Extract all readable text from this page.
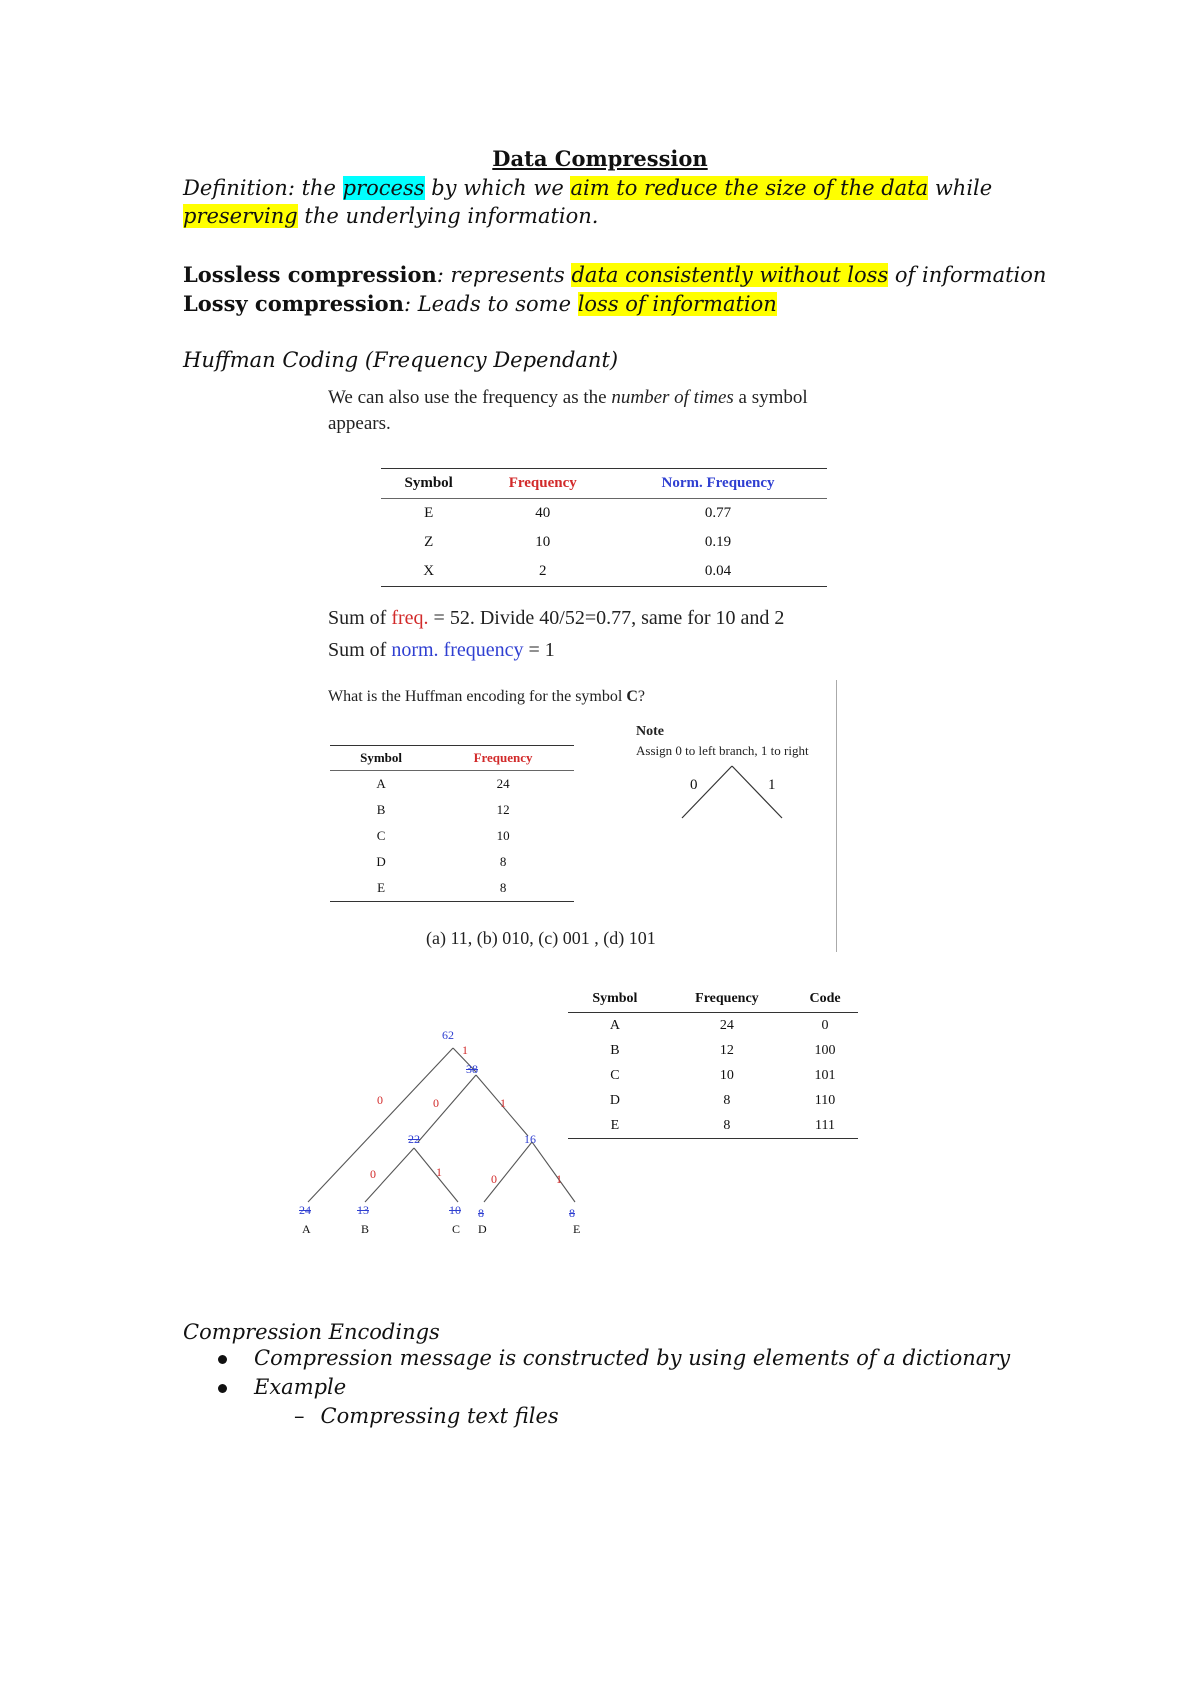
Data Compression
Definition: the process by which we aim to reduce the size of the data while
preserving the underlying information.
Lossless compression: represents data consistently without loss of information
Lossy compression: Leads to some loss of information
Huffman Coding (Frequency Dependant)
We can also use the frequency as the number of times a symbol
appears.
Symbol	Frequency	Norm. Frequency
E	40	0.77
Z	10	0.19
X	2	0.04
Sum of freq. = 52. Divide 40/52=0.77, same for 10 and 2
Sum of norm. frequency = 1
What is the Huffman encoding for the symbol C?
Symbol	Frequency
A	24
B	12
C	10
D	8
E	8
Note
Assign 0 to left branch, 1 to right
0	1
(a) 11, (b) 010, (c) 001 , (d) 101
Symbol	Frequency	Code
A	24	0
B	12	100
C	10	101
D	8	110
E	8	111
62
38
22	16
1
0	0	1
0	1	0	1
24	13	10 8	8
A	B	C D	E
Compression Encodings
Compression message is constructed by using elements of a dictionary
Example
– Compressing text files
